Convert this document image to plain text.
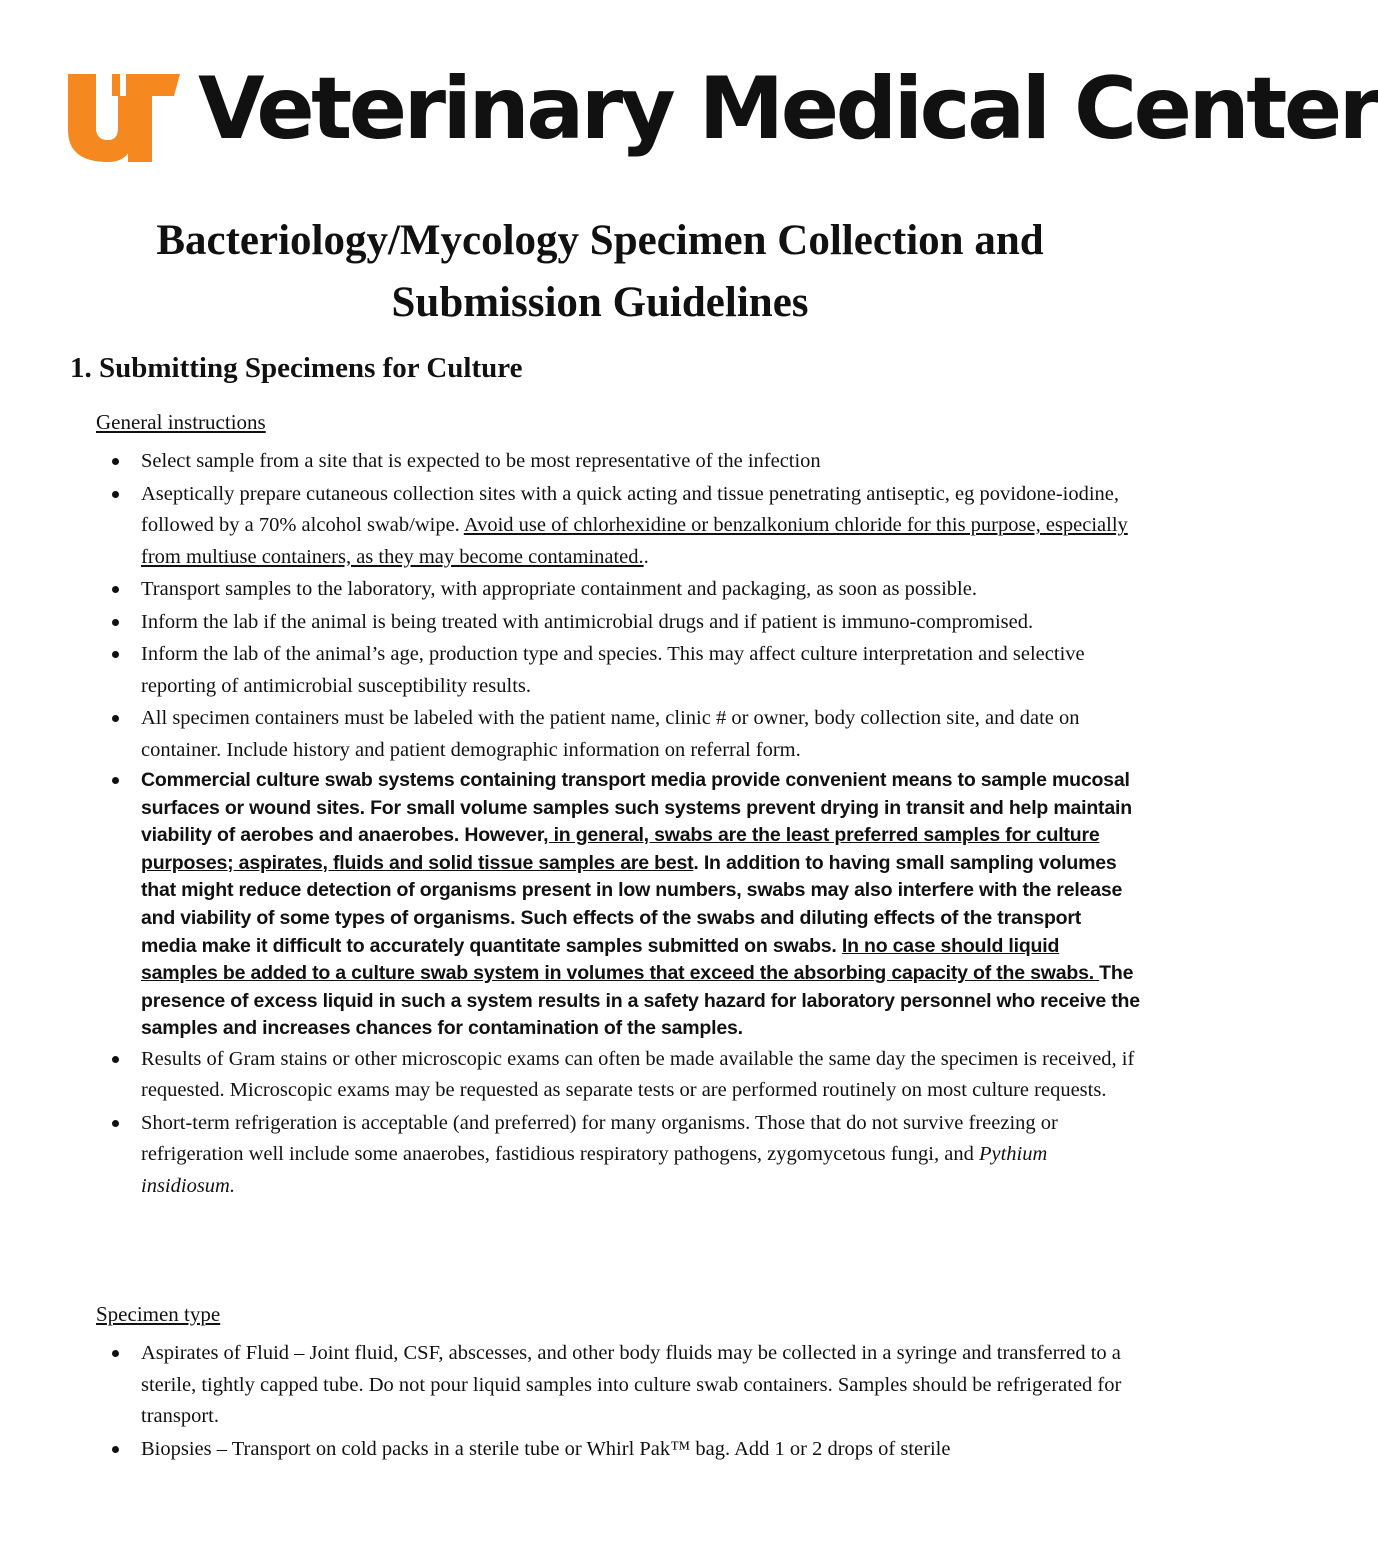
Veterinary Medical Center
Bacteriology/Mycology Specimen Collection and
Submission Guidelines
1. Submitting Specimens for Culture

General instructions

Select sample from a site that is expected to be most representative of the infection
Aseptically prepare cutaneous collection sites with a quick acting and tissue penetrating antiseptic, eg povidone-iodine, followed by a 70% alcohol swab/wipe. Avoid use of chlorhexidine or benzalkonium chloride for this purpose, especially from multiuse containers, as they may become contaminated..
Transport samples to the laboratory, with appropriate containment and packaging, as soon as possible.
Inform the lab if the animal is being treated with antimicrobial drugs and if patient is immuno-compromised.
Inform the lab of the animal’s age, production type and species. This may affect culture interpretation and selective reporting of antimicrobial susceptibility results.
All specimen containers must be labeled with the patient name, clinic # or owner, body collection site, and date on container. Include history and patient demographic information on referral form.
Commercial culture swab systems containing transport media provide convenient means to sample mucosal surfaces or wound sites. For small volume samples such systems prevent drying in transit and help maintain viability of aerobes and anaerobes. However, in general, swabs are the least preferred samples for culture purposes; aspirates, fluids and solid tissue samples are best. In addition to having small sampling volumes that might reduce detection of organisms present in low numbers, swabs may also interfere with the release and viability of some types of organisms. Such effects of the swabs and diluting effects of the transport media make it difficult to accurately quantitate samples submitted on swabs. In no case should liquid samples be added to a culture swab system in volumes that exceed the absorbing capacity of the swabs. The presence of excess liquid in such a system results in a safety hazard for laboratory personnel who receive the samples and increases chances for contamination of the samples.
Results of Gram stains or other microscopic exams can often be made available the same day the specimen is received, if requested. Microscopic exams may be requested as separate tests or are performed routinely on most culture requests.
Short-term refrigeration is acceptable (and preferred) for many organisms. Those that do not survive freezing or refrigeration well include some anaerobes, fastidious respiratory pathogens, zygomycetous fungi, and Pythium insidiosum.

Specimen type

Aspirates of Fluid – Joint fluid, CSF, abscesses, and other body fluids may be collected in a syringe and transferred to a sterile, tightly capped tube. Do not pour liquid samples into culture swab containers. Samples should be refrigerated for transport.
Biopsies – Transport on cold packs in a sterile tube or Whirl Pak™ bag. Add 1 or 2 drops of sterile
